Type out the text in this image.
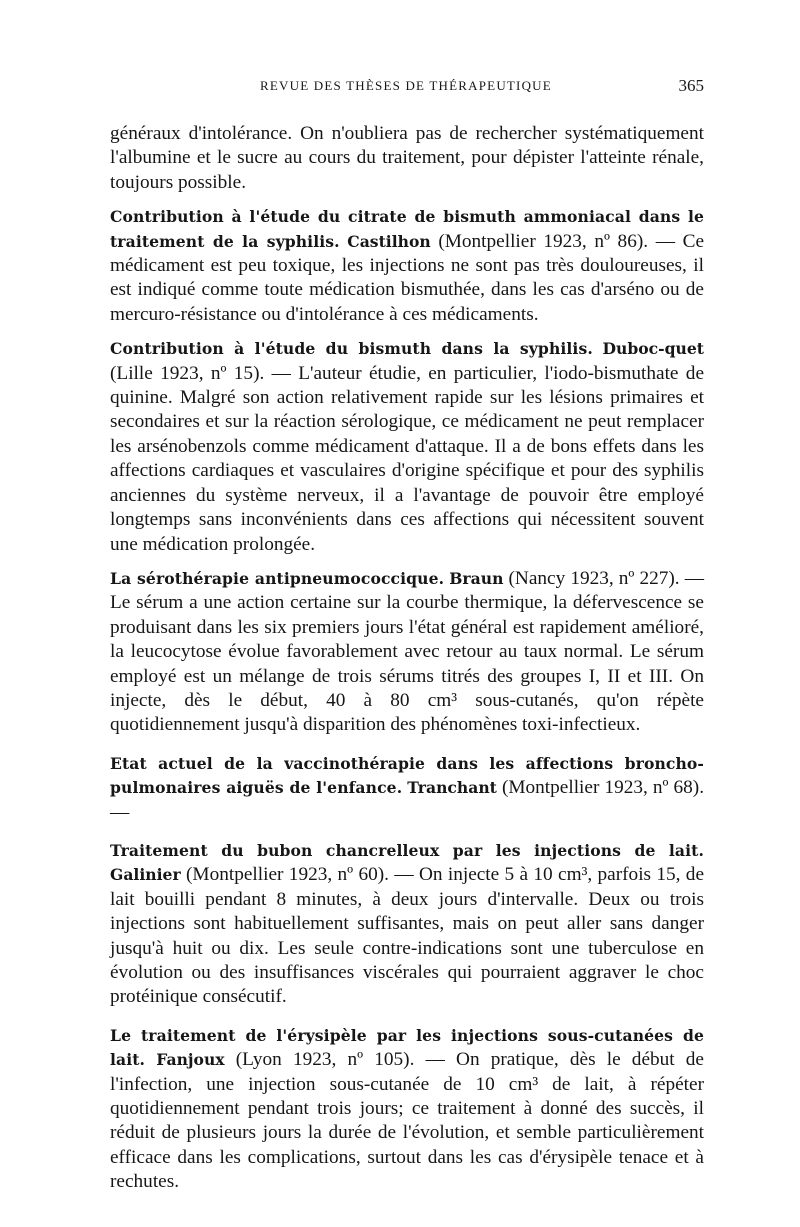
REVUE DES THÈSES DE THÉRAPEUTIQUE	365

généraux d'intolérance. On n'oubliera pas de rechercher systématiquement l'albumine et le sucre au cours du traitement, pour dépister l'atteinte rénale, toujours possible.

Contribution à l'étude du citrate de bismuth ammoniacal dans le traitement de la syphilis. Castilhon (Montpellier 1923, nº 86). — Ce médicament est peu toxique, les injections ne sont pas très douloureuses, il est indiqué comme toute médication bismuthée, dans les cas d'arséno ou de mercuro-résistance ou d'intolérance à ces médicaments.

Contribution à l'étude du bismuth dans la syphilis. Duboc-quet (Lille 1923, nº 15). — L'auteur étudie, en particulier, l'iodo-bismuthate de quinine. Malgré son action relativement rapide sur les lésions primaires et secondaires et sur la réaction sérologique, ce médicament ne peut remplacer les arsénobenzols comme médicament d'attaque. Il a de bons effets dans les affections cardiaques et vasculaires d'origine spécifique et pour des syphilis anciennes du système nerveux, il a l'avantage de pouvoir être employé longtemps sans inconvénients dans ces affections qui nécessitent souvent une médication prolongée.

La sérothérapie antipneumococcique. Braun (Nancy 1923, nº 227). — Le sérum a une action certaine sur la courbe thermique, la défervescence se produisant dans les six premiers jours l'état général est rapidement amélioré, la leucocytose évolue favorablement avec retour au taux normal. Le sérum employé est un mélange de trois sérums titrés des groupes I, II et III. On injecte, dès le début, 40 à 80 cm³ sous-cutanés, qu'on répète quotidiennement jusqu'à disparition des phénomènes toxi-infectieux.

Etat actuel de la vaccinothérapie dans les affections broncho-pulmonaires aiguës de l'enfance. Tranchant (Montpellier 1923, nº 68). —

Traitement du bubon chancrelleux par les injections de lait. Galinier (Montpellier 1923, nº 60). — On injecte 5 à 10 cm³, parfois 15, de lait bouilli pendant 8 minutes, à deux jours d'intervalle. Deux ou trois injections sont habituellement suffisantes, mais on peut aller sans danger jusqu'à huit ou dix. Les seule contre-indications sont une tuberculose en évolution ou des insuffisances viscérales qui pourraient aggraver le choc protéinique consécutif.

Le traitement de l'érysipèle par les injections sous-cutanées de lait. Fanjoux (Lyon 1923, nº 105). — On pratique, dès le début de l'infection, une injection sous-cutanée de 10 cm³ de lait, à répéter quotidiennement pendant trois jours; ce traitement à donné des succès, il réduit de plusieurs jours la durée de l'évolution, et semble particulièrement efficace dans les complications, surtout dans les cas d'érysipèle tenace et à rechutes.
